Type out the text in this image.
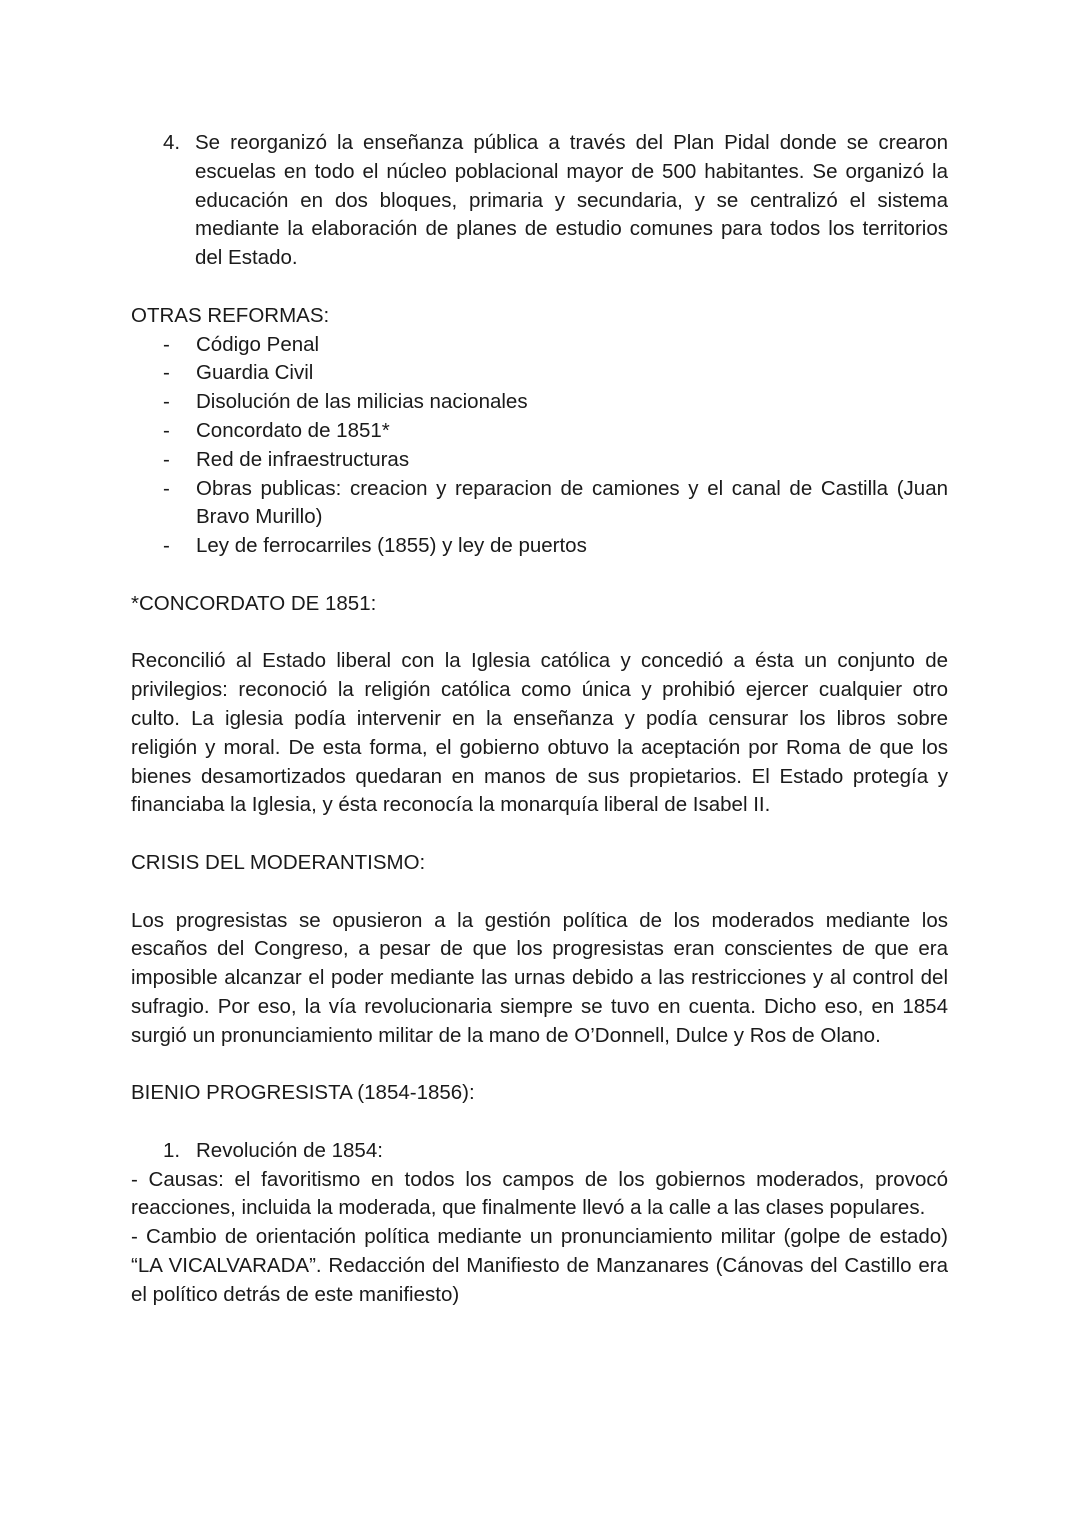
4. Se reorganizó la enseñanza pública a través del Plan Pidal donde se crearon escuelas en todo el núcleo poblacional mayor de 500 habitantes. Se organizó la educación en dos bloques, primaria y secundaria, y se centralizó el sistema mediante la elaboración de planes de estudio comunes para todos los territorios del Estado.

OTRAS REFORMAS:

-	Código Penal
-	Guardia Civil
-	Disolución de las milicias nacionales
-	Concordato de 1851*
-	Red de infraestructuras
-	Obras publicas: creacion y reparacion de camiones y el canal de Castilla (Juan Bravo Murillo)
-	Ley de ferrocarriles (1855) y ley de puertos

*CONCORDATO DE 1851:

Reconcilió al Estado liberal con la Iglesia católica y concedió a ésta un conjunto de privilegios: reconoció la religión católica como única y prohibió ejercer cualquier otro culto. La iglesia podía intervenir en la enseñanza y podía censurar los libros sobre religión y moral. De esta forma, el gobierno obtuvo la aceptación por Roma de que los bienes desamortizados quedaran en manos de sus propietarios. El Estado protegía y financiaba la Iglesia, y ésta reconocía la monarquía liberal de Isabel II.

CRISIS DEL MODERANTISMO:

Los progresistas se opusieron a la gestión política de los moderados mediante los escaños del Congreso, a pesar de que los progresistas eran conscientes de que era imposible alcanzar el poder mediante las urnas debido a las restricciones y al control del sufragio. Por eso, la vía revolucionaria siempre se tuvo en cuenta. Dicho eso, en 1854 surgió un pronunciamiento militar de la mano de O’Donnell, Dulce y Ros de Olano.

BIENIO PROGRESISTA (1854-1856):

1. Revolución de 1854:

- Causas: el favoritismo en todos los campos de los gobiernos moderados, provocó reacciones, incluida la moderada, que finalmente llevó a la calle a las clases populares.

- Cambio de orientación política mediante un pronunciamiento militar (golpe de estado) “LA VICALVARADA”. Redacción del Manifiesto de Manzanares (Cánovas del Castillo era el político detrás de este manifiesto)
